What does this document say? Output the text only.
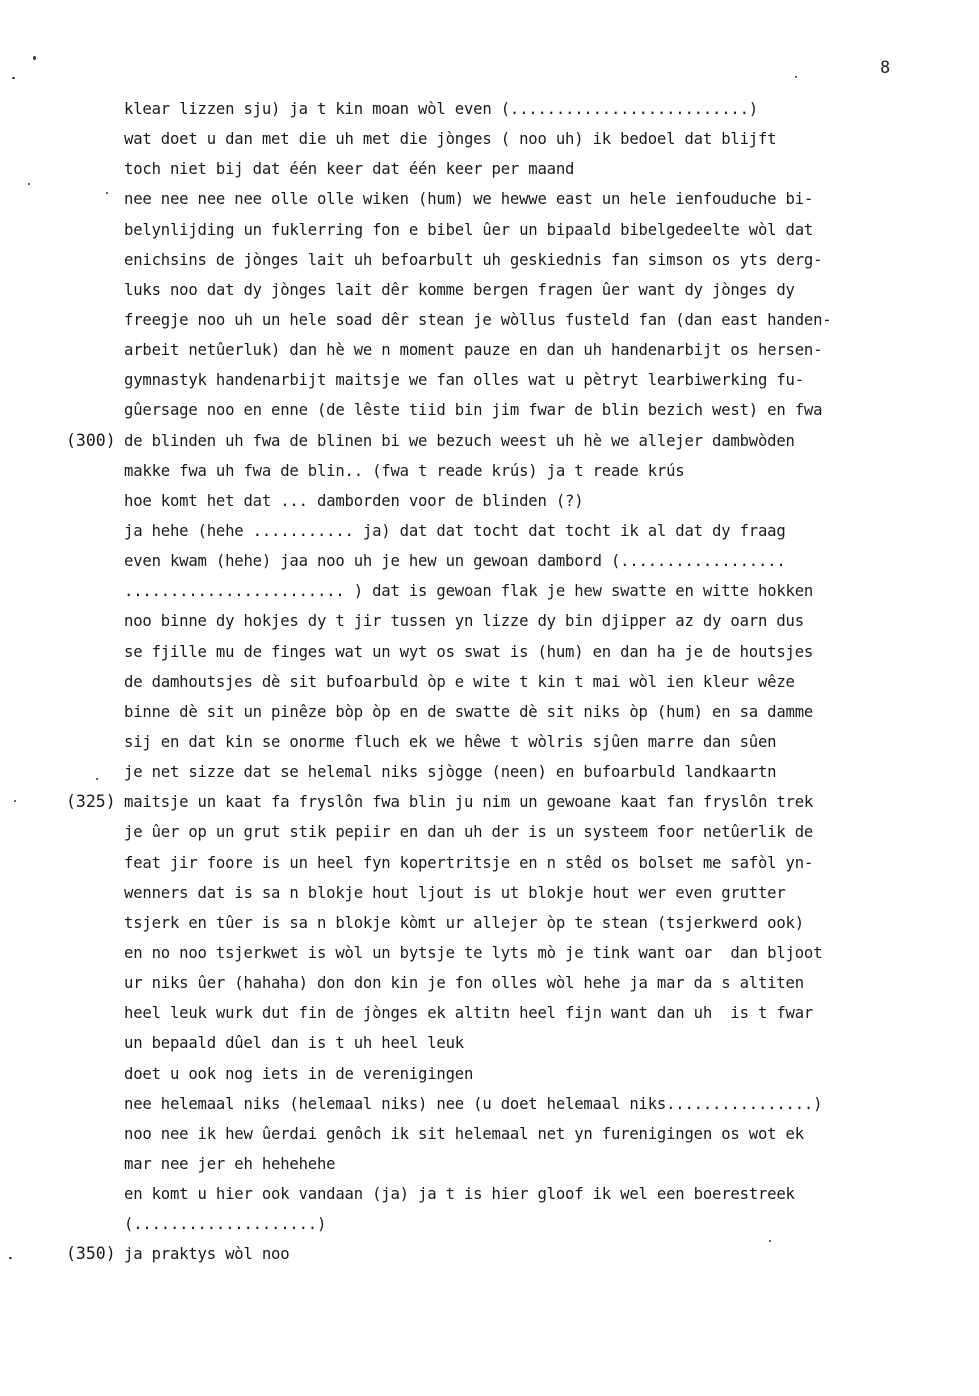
8
klear lizzen sju) ja t kin moan wòl even (..........................)
wat doet u dan met die uh met die jònges ( noo uh) ik bedoel dat blijft
toch niet bij dat één keer dat één keer per maand
nee nee nee nee olle olle wiken (hum) we hewwe east un hele ienfouduche bi-
belynlijding un fuklerring fon e bibel ûer un bipaald bibelgedeelte wòl dat
enichsins de jònges lait uh befoarbult uh geskiednis fan simson os yts derg-
luks noo dat dy jònges lait dêr komme bergen fragen ûer want dy jònges dy
freegje noo uh un hele soad dêr stean je wòllus fusteld fan (dan east handen-
arbeit netûerluk) dan hè we n moment pauze en dan uh handenarbijt os hersen-
gymnastyk handenarbijt maitsje we fan olles wat u pètryt learbiwerking fu-
gûersage noo en enne (de lêste tiid bin jim fwar de blin bezich west) en fwa
(300) de blinden uh fwa de blinen bi we bezuch weest uh hè we allejer dambwòden
makke fwa uh fwa de blin.. (fwa t reade krús) ja t reade krús
hoe komt het dat ... damborden voor de blinden (?)
ja hehe (hehe ........... ja) dat dat tocht dat tocht ik al dat dy fraag
even kwam (hehe) jaa noo uh je hew un gewoan dambord (..................
........................ ) dat is gewoan flak je hew swatte en witte hokken
noo binne dy hokjes dy t jir tussen yn lizze dy bin djipper az dy oarn dus
se fjille mu de finges wat un wyt os swat is (hum) en dan ha je de houtsjes
de damhoutsjes dè sit bufoarbuld òp e wite t kin t mai wòl ien kleur wêze
binne dè sit un pinêze bòp òp en de swatte dè sit niks òp (hum) en sa damme
sij en dat kin se onorme fluch ek we hêwe t wòlris sjûen marre dan sûen
je net sizze dat se helemal niks sjògge (neen) en bufoarbuld landkaartn
(325) maitsje un kaat fa fryslôn fwa blin ju nim un gewoane kaat fan fryslôn trek
je ûer op un grut stik pepiir en dan uh der is un systeem foor netûerlik de
feat jir foore is un heel fyn kopertritsje en n stêd os bolset me safòl yn-
wenners dat is sa n blokje hout ljout is ut blokje hout wer even grutter
tsjerk en tûer is sa n blokje kòmt ur allejer òp te stean (tsjerkwerd ook)
en no noo tsjerkwet is wòl un bytsje te lyts mò je tink want oar  dan bljoot
ur niks ûer (hahaha) don don kin je fon olles wòl hehe ja mar da s altiten
heel leuk wurk dut fin de jònges ek altitn heel fijn want dan uh  is t fwar
un bepaald dûel dan is t uh heel leuk
doet u ook nog iets in de verenigingen
nee helemaal niks (helemaal niks) nee (u doet helemaal niks................)
noo nee ik hew ûerdai genôch ik sit helemaal net yn furenigingen os wot ek
mar nee jer eh hehehehe
en komt u hier ook vandaan (ja) ja t is hier gloof ik wel een boerestreek
(....................)
(350) ja praktys wòl noo
